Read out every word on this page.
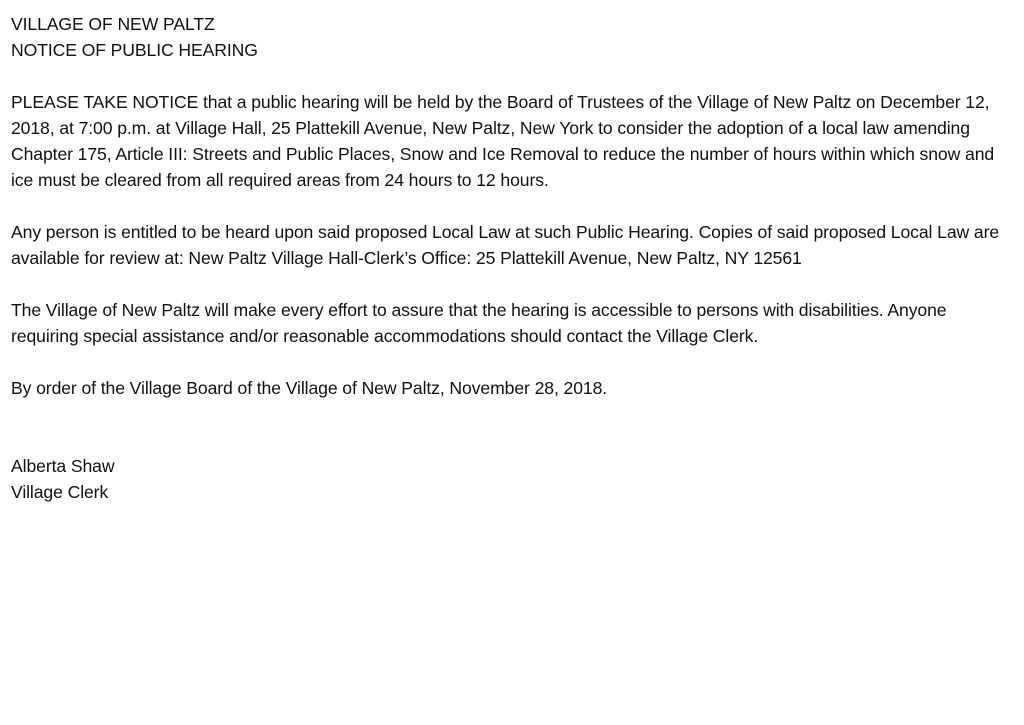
VILLAGE OF NEW PALTZ
NOTICE OF PUBLIC HEARING

PLEASE TAKE NOTICE that a public hearing will be held by the Board of Trustees of the Village of New Paltz on December 12, 2018, at 7:00 p.m. at Village Hall, 25 Plattekill Avenue, New Paltz, New York to consider the adoption of a local law amending Chapter 175, Article III: Streets and Public Places, Snow and Ice Removal to reduce the number of hours within which snow and ice must be cleared from all required areas from 24 hours to 12 hours.

Any person is entitled to be heard upon said proposed Local Law at such Public Hearing. Copies of said proposed Local Law are available for review at: New Paltz Village Hall-Clerk’s Office: 25 Plattekill Avenue, New Paltz, NY 12561

The Village of New Paltz will make every effort to assure that the hearing is accessible to persons with disabilities. Anyone requiring special assistance and/or reasonable accommodations should contact the Village Clerk.

By order of the Village Board of the Village of New Paltz, November 28, 2018.

Alberta Shaw
Village Clerk
